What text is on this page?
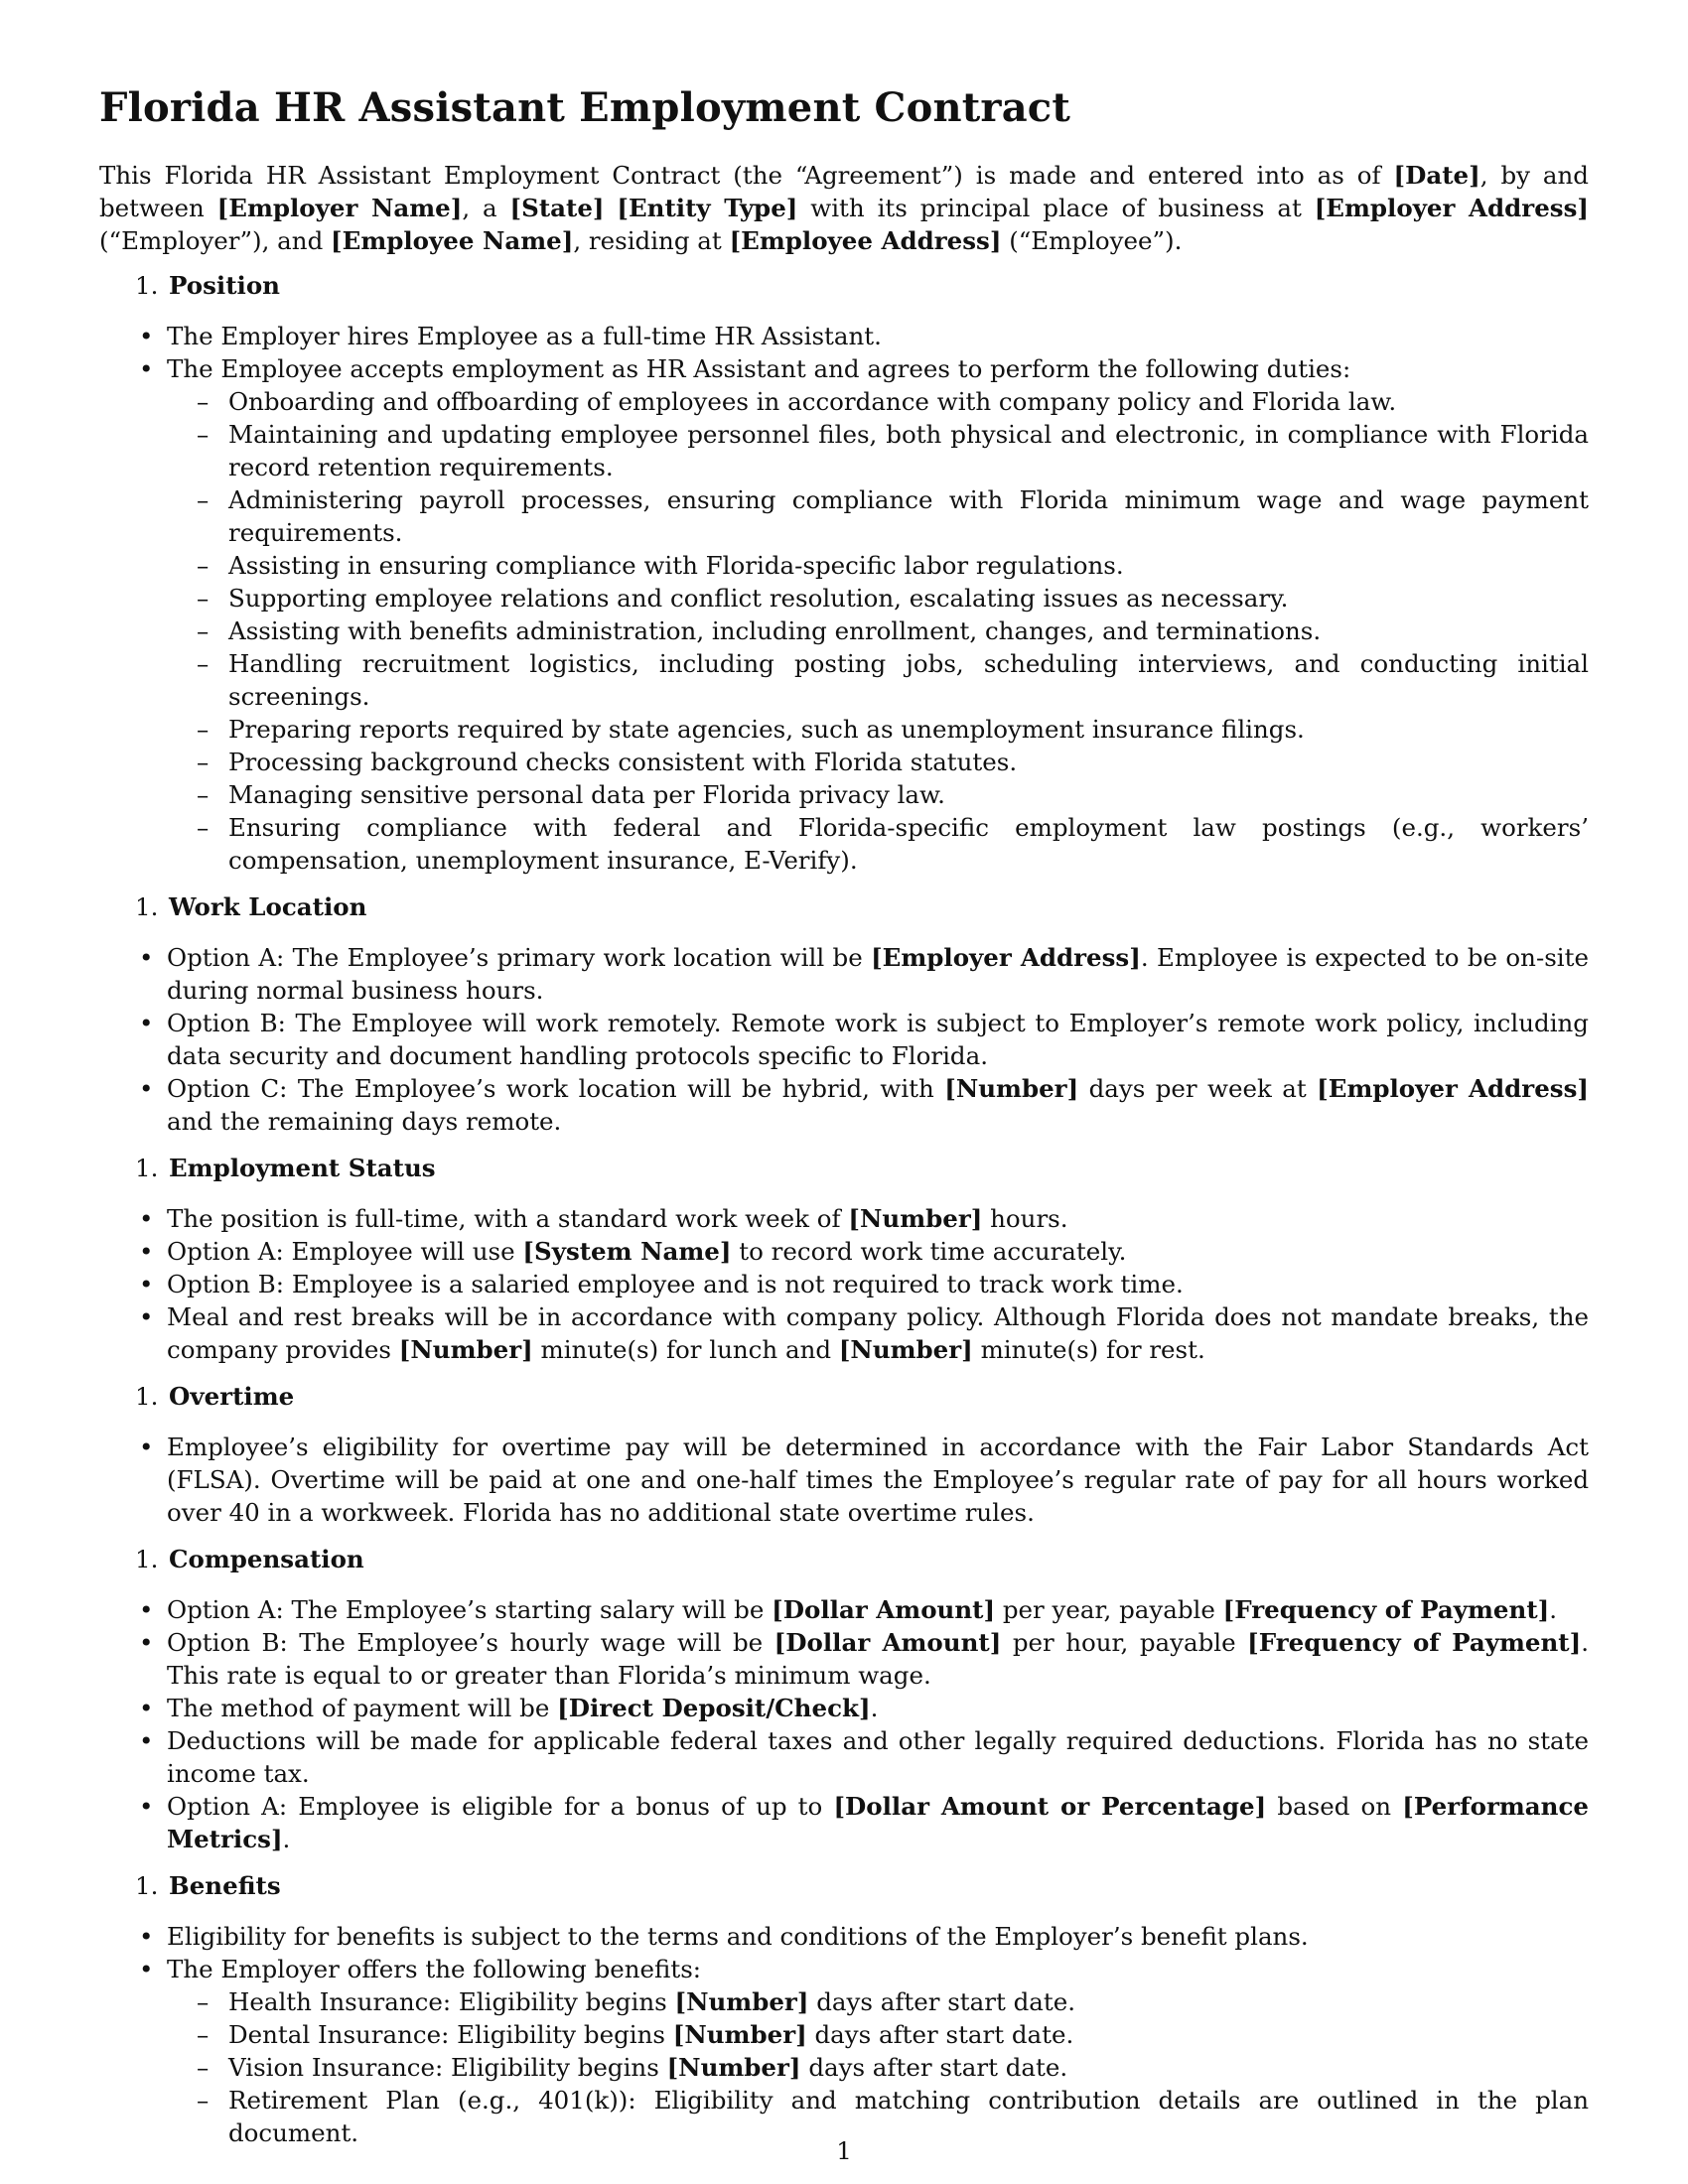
Florida HR Assistant Employment Contract

This Florida HR Assistant Employment Contract (the “Agreement”) is made and entered into as of [Date], by and between [Employer Name], a [State] [Entity Type] with its principal place of business at [Employer Address] (“Employer”), and [Employee Name], residing at [Employee Address] (“Employee”).

1. Position
• The Employer hires Employee as a full-time HR Assistant.
• The Employee accepts employment as HR Assistant and agrees to perform the following duties:
– Onboarding and offboarding of employees in accordance with company policy and Florida law.
– Maintaining and updating employee personnel files, both physical and electronic, in compliance with Florida record retention requirements.
– Administering payroll processes, ensuring compliance with Florida minimum wage and wage payment requirements.
– Assisting in ensuring compliance with Florida-specific labor regulations.
– Supporting employee relations and conflict resolution, escalating issues as necessary.
– Assisting with benefits administration, including enrollment, changes, and terminations.
– Handling recruitment logistics, including posting jobs, scheduling interviews, and conducting initial screenings.
– Preparing reports required by state agencies, such as unemployment insurance filings.
– Processing background checks consistent with Florida statutes.
– Managing sensitive personal data per Florida privacy law.
– Ensuring compliance with federal and Florida-specific employment law postings (e.g., workers’ compensation, unemployment insurance, E-Verify).
1. Work Location
• Option A: The Employee’s primary work location will be [Employer Address]. Employee is expected to be on-site during normal business hours.
• Option B: The Employee will work remotely. Remote work is subject to Employer’s remote work policy, including data security and document handling protocols specific to Florida.
• Option C: The Employee’s work location will be hybrid, with [Number] days per week at [Employer Address] and the remaining days remote.
1. Employment Status
• The position is full-time, with a standard work week of [Number] hours.
• Option A: Employee will use [System Name] to record work time accurately.
• Option B: Employee is a salaried employee and is not required to track work time.
• Meal and rest breaks will be in accordance with company policy. Although Florida does not mandate breaks, the company provides [Number] minute(s) for lunch and [Number] minute(s) for rest.
1. Overtime
• Employee’s eligibility for overtime pay will be determined in accordance with the Fair Labor Standards Act (FLSA). Overtime will be paid at one and one-half times the Employee’s regular rate of pay for all hours worked over 40 in a workweek. Florida has no additional state overtime rules.
1. Compensation
• Option A: The Employee’s starting salary will be [Dollar Amount] per year, payable [Frequency of Payment].
• Option B: The Employee’s hourly wage will be [Dollar Amount] per hour, payable [Frequency of Payment]. This rate is equal to or greater than Florida’s minimum wage.
• The method of payment will be [Direct Deposit/Check].
• Deductions will be made for applicable federal taxes and other legally required deductions. Florida has no state income tax.
• Option A: Employee is eligible for a bonus of up to [Dollar Amount or Percentage] based on [Performance Metrics].
1. Benefits
• Eligibility for benefits is subject to the terms and conditions of the Employer’s benefit plans.
• The Employer offers the following benefits:
– Health Insurance: Eligibility begins [Number] days after start date.
– Dental Insurance: Eligibility begins [Number] days after start date.
– Vision Insurance: Eligibility begins [Number] days after start date.
– Retirement Plan (e.g., 401(k)): Eligibility and matching contribution details are outlined in the plan document.
1
